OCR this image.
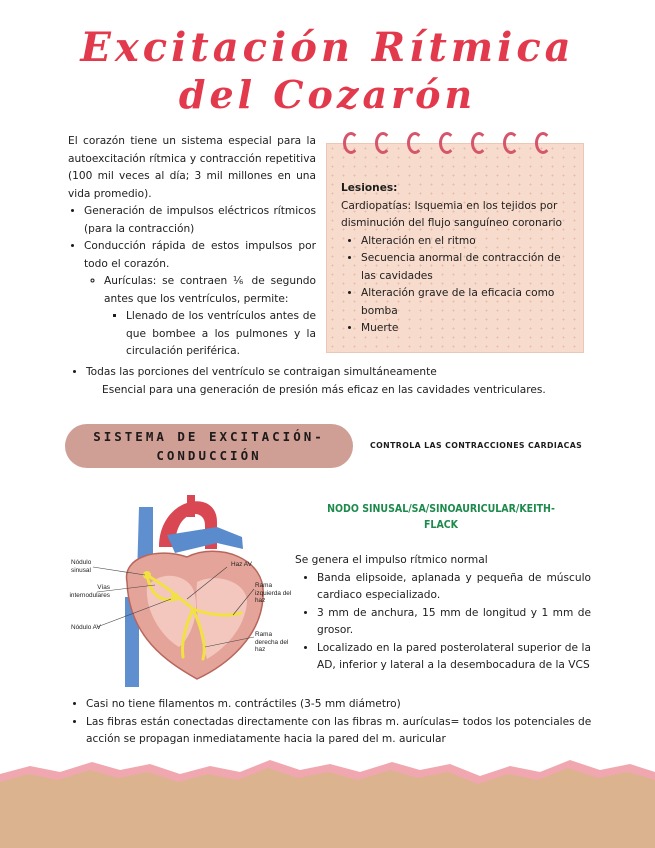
Excitación Rítmica
del Cozarón

El corazón tiene un sistema especial para la autoexcitación rítmica y contracción repetitiva (100 mil veces al día; 3 mil millones en una vida promedio).

• Generación de impulsos eléctricos rítmicos (para la contracción)
• Conducción rápida de estos impulsos por todo el corazón.
◦ Aurículas: se contraen ⅙ de segundo antes que los ventrículos, permite:
▪ Llenado de los ventrículos antes de que bombee a los pulmones y la circulación periférica.
Lesiones:
Cardiopatías: Isquemia en los tejidos por disminución del flujo sanguíneo coronario
• Alteración en el ritmo
• Secuencia anormal de contracción de las cavidades
• Alteración grave de la eficacia como bomba
• Muerte
• Todas las porciones del ventrículo se contraigan simultáneamente
Esencial para una generación de presión más eficaz en las cavidades ventriculares.
SISTEMA DE EXCITACIÓN-
CONDUCCIÓN
CONTROLA LAS CONTRACCIONES CARDIACAS
Nódulo sinusal
Haz AV
Vías internodulares
Rama izquierda del haz
Nódulo AV
Rama derecha del haz
NODO SINUSAL/SA/SINOAURICULAR/KEITH-FLACK

Se genera el impulso rítmico normal

• Banda elipsoide, aplanada y pequeña de músculo cardiaco especializado.
• 3 mm de anchura, 15 mm de longitud y 1 mm de grosor.
• Localizado en la pared posterolateral superior de la AD, inferior y lateral a la desembocadura de la VCS
• Casi no tiene filamentos m. contráctiles (3-5 mm diámetro)
• Las fibras están conectadas directamente con las fibras m. aurículas= todos los potenciales de acción se propagan inmediatamente hacia la pared del m. auricular
